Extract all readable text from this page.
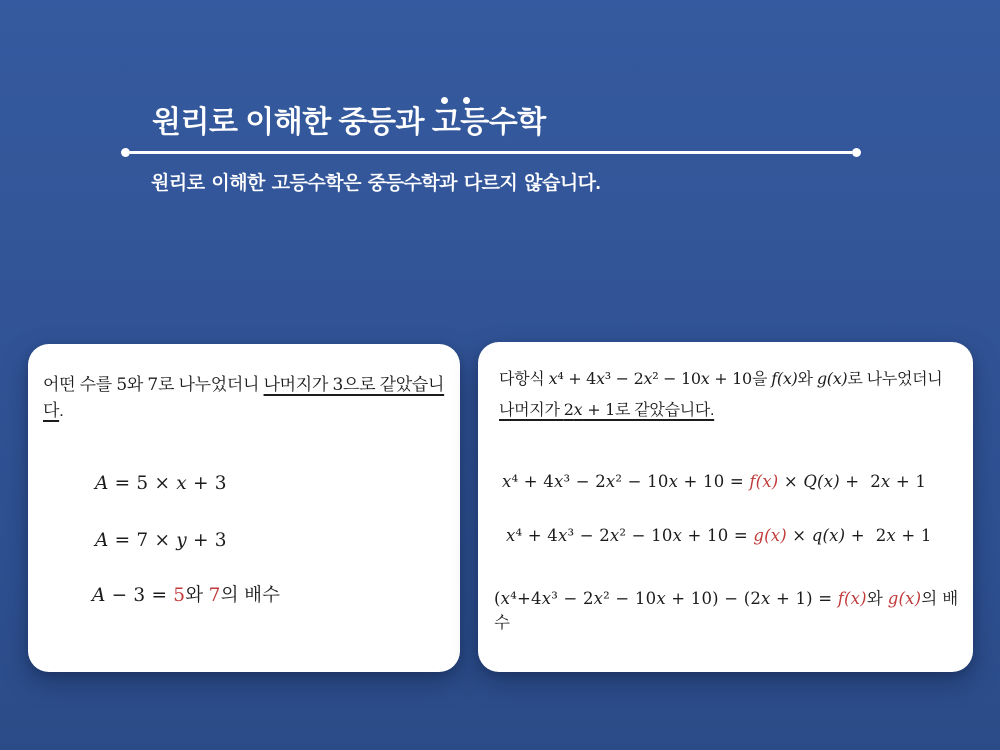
원리로 이해한 중등과
고등수학
원리로 이해한 고등수학은 중등수학과 다르지 않습니다.
어떤 수를 5와 7로 나누었더니 나머지가 3으로 같았습니다.
A = 5 × x + 3
A = 7 × y + 3
A − 3 = 5와 7의 배수
다항식 x⁴ + 4x³ − 2x² − 10x + 10을 f(x)와 g(x)로 나누었더니
나머지가 2x + 1로 같았습니다.
x⁴ + 4x³ − 2x² − 10x + 10 = f(x) × Q(x) +  2x + 1
x⁴ + 4x³ − 2x² − 10x + 10 = g(x) × q(x) +  2x + 1
(x⁴+4x³ − 2x² − 10x + 10) − (2x + 1) = f(x)와 g(x)의 배수
